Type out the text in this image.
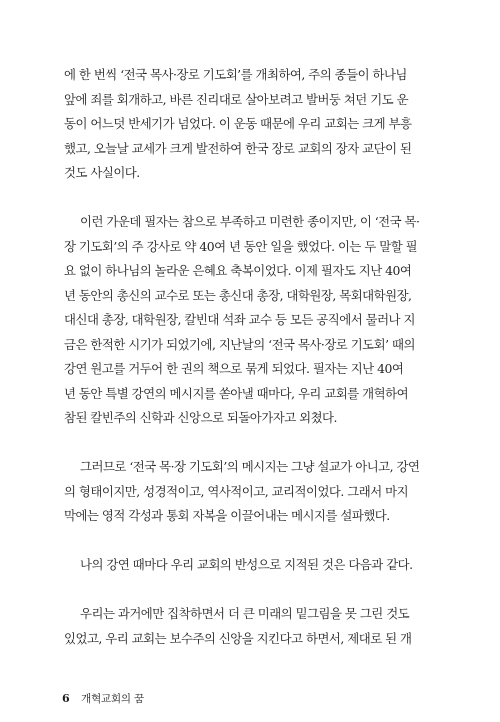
에 한 번씩 ‘전국 목사·장로 기도회’를 개최하여, 주의 종들이 하나님
앞에 죄를 회개하고, 바른 진리대로 살아보려고 발버둥 쳐던 기도 운
동이 어느덧 반세기가 넘었다. 이 운동 때문에 우리 교회는 크게 부흥
했고, 오늘날 교세가 크게 발전하여 한국 장로 교회의 장자 교단이 된
것도 사실이다.

이런 가운데 필자는 참으로 부족하고 미련한 종이지만, 이 ‘전국 목·
장 기도회’의 주 강사로 약 40여 년 동안 일을 했었다. 이는 두 말할 필
요 없이 하나님의 놀라운 은혜요 축복이었다. 이제 필자도 지난 40여
년 동안의 총신의 교수로 또는 총신대 총장, 대학원장, 목회대학원장,
대신대 총장, 대학원장, 칼빈대 석좌 교수 등 모든 공직에서 물러나 지
금은 한적한 시기가 되었기에, 지난날의 ‘전국 목사·장로 기도회’ 때의
강연 원고를 거두어 한 권의 책으로 묶게 되었다. 필자는 지난 40여
년 동안 특별 강연의 메시지를 쏟아낼 때마다, 우리 교회를 개혁하여
참된 칼빈주의 신학과 신앙으로 되돌아가자고 외쳤다.

그러므로 ‘전국 목·장 기도회’의 메시지는 그냥 설교가 아니고, 강연
의 형태이지만, 성경적이고, 역사적이고, 교리적이었다. 그래서 마지
막에는 영적 각성과 통회 자복을 이끌어내는 메시지를 설파했다.

나의 강연 때마다 우리 교회의 반성으로 지적된 것은 다음과 같다.

우리는 과거에만 집착하면서 더 큰 미래의 밑그림을 못 그린 것도
있었고, 우리 교회는 보수주의 신앙을 지킨다고 하면서, 제대로 된 개

6 개혁교회의 꿈
